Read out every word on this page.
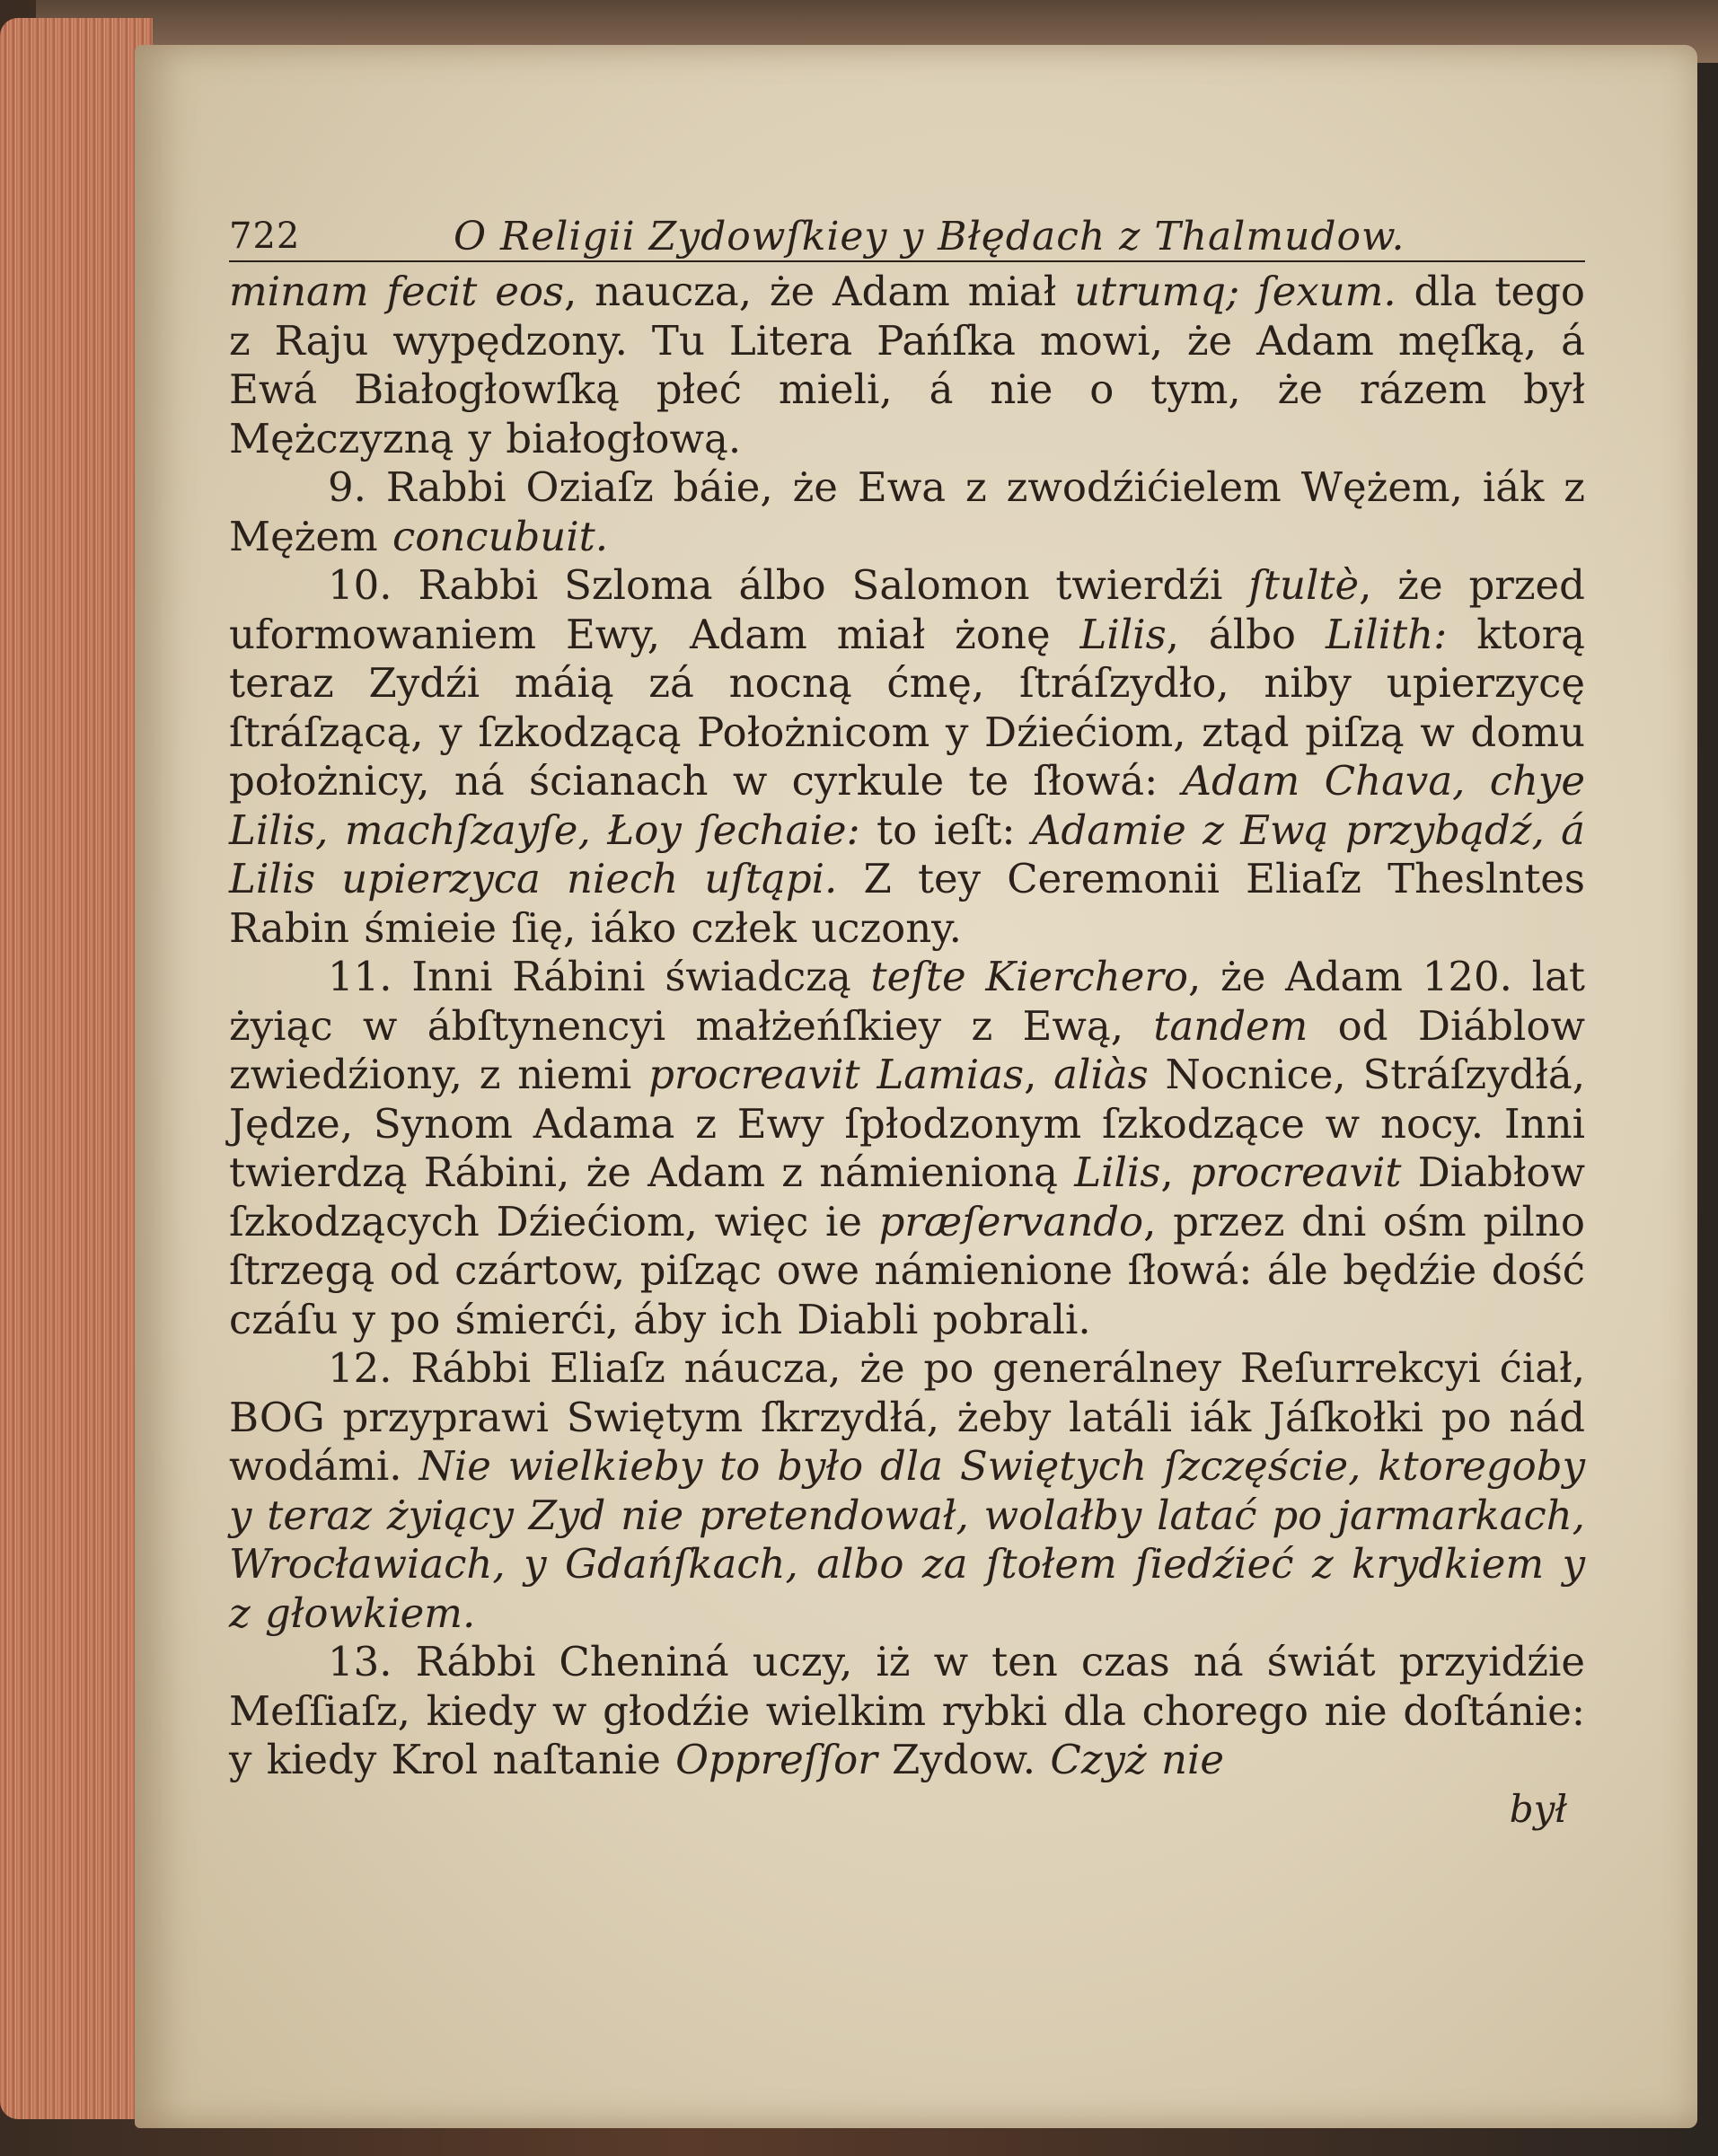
722	O Religii Zydowſkiey y Błędach z Thalmudow.

minam fecit eos, naucza, że Adam miał utrumq; ſexum. dla tego z Raju wypędzony. Tu Litera Pańſka mowi, że Adam męſką, á Ewá Białogłowſką płeć mieli, á nie o tym, że rázem był Mężczyzną y białogłową.

9. Rabbi Oziaſz báie, że Ewa z zwodźićielem Wężem, iák z Mężem concubuit.

10. Rabbi Szloma álbo Salomon twierdźi ſtultè, że przed uformowaniem Ewy, Adam miał żonę Lilis, álbo Lilith: ktorą teraz Zydźi máią zá nocną ćmę, ſtráſzydło, niby upierzycę ſtráſzącą, y ſzkodzącą Położnicom y Dźiećiom, ztąd piſzą w domu położnicy, ná ścianach w cyrkule te ſłowá: Adam Chava, chye Lilis, machſzayſe, Łoy ſechaie: to ieſt: Adamie z Ewą przybądź, á Lilis upierzyca niech uſtąpi. Z tey Ceremonii Eliaſz Theslntes Rabin śmieie ſię, iáko człek uczony.

11. Inni Rábini świadczą teſte Kierchero, że Adam 120. lat żyiąc w ábſtynencyi małżeńſkiey z Ewą, tandem od Diáblow zwiedźiony, z niemi procreavit Lamias, aliàs Nocnice, Stráſzydłá, Jędze, Synom Adama z Ewy ſpłodzonym ſzkodzące w nocy. Inni twierdzą Rábini, że Adam z námienioną Lilis, procreavit Diabłow ſzkodzących Dźiećiom, więc ie præſervando, przez dni ośm pilno ſtrzegą od czártow, piſząc owe námienione ſłowá: ále będźie dość czáſu y po śmierći, áby ich Diabli pobrali.

12. Rábbi Eliaſz náucza, że po generálney Reſurrekcyi ćiał, BOG przyprawi Swiętym ſkrzydłá, żeby latáli iák Jáſkołki po nád wodámi. Nie wielkieby to było dla Swiętych ſzczęście, ktoregoby y teraz żyiący Zyd nie pretendował, wolałby latać po jarmarkach, Wrocławiach, y Gdańſkach, albo za ſtołem ſiedźieć z krydkiem y z głowkiem.

13. Rábbi Cheniná uczy, iż w ten czas ná świát przyidźie Meſſiaſz, kiedy w głodźie wielkim rybki dla chorego nie doſtánie: y kiedy Krol naſtanie Oppreſſor Zydow. Czyż nie

był
